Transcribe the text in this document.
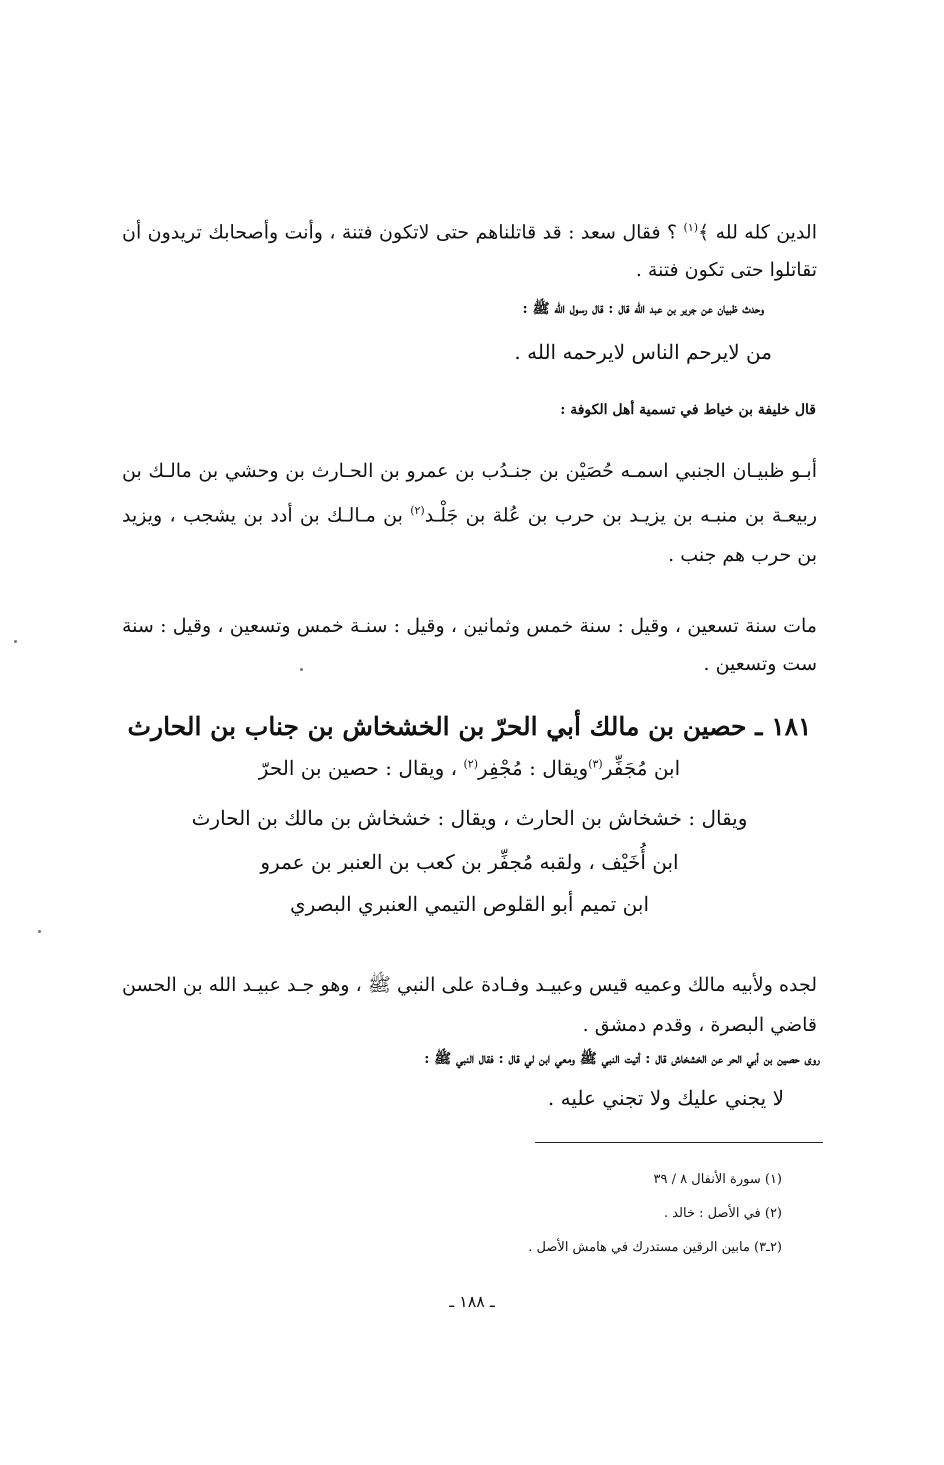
الدين كله لله ﴾$^{(١)}$ ؟ فقال سعد : قد قاتلناهم حتى لاتكون فتنة ، وأنت وأصحابك تريدون أن تقاتلوا حتى تكون فتنة .

وحدث ظبيان عن جرير بن عبد الله قال : قال رسول الله ﷺ :
من لايرحم الناس لايرحمه الله .
قال خليفة بن خياط في تسمية أهل الكوفة :

أبـو ظبيـان الجنبي اسمـه حُصَيْن بن جنـدُب بن عمرو بن الحـارث بن وحشي بن مالـك بن ربيعـة بن منبـه بن يزيـد بن حرب بن عُلة بن جَلْـد$^{(٢)}$ بن مـالـك بن أدد بن يشجب ، ويزيد بن حرب هم جنب .

مات سنة تسعين ، وقيل : سنة خمس وثمانين ، وقيل : سنـة خمس وتسعين ، وقيل : سنة ست وتسعين .

١٨١ ـ حصين بن مالك أبي الحرّ بن الخشخاش بن جناب بن الحارث
ابن مُجَفِّر$^{(٣)}$ويقال : مُجْفِر$^{(٢)}$ ، ويقال : حصين بن الحرّ
ويقال : خشخاش بن الحارث ، ويقال : خشخاش بن مالك بن الحارث
ابن أُخَيْف ، ولقبه مُجفِّر بن كعب بن العنبر بن عمرو
ابن تميم أبو القلوص التيمي العنبري البصري

لجده ولأبيه مالك وعميه قيس وعبيـد وفـادة على النبي ﷺ ، وهو جـد عبيـد الله بن الحسن قاضي البصرة ، وقدم دمشق .

روى حصين بن أبي الحر عن الخشخاش قال : أتيت النبي ﷺ ومعي ابن لي قال : فقال النبي ﷺ :
لا يجني عليك ولا تجني عليه .
(١) سورة الأنفال ٨ / ٣٩
(٢) في الأصل : خالد .
(٢ـ٣) مابين الرقين مستدرك في هامش الأصل .
ـ ١٨٨ ـ
